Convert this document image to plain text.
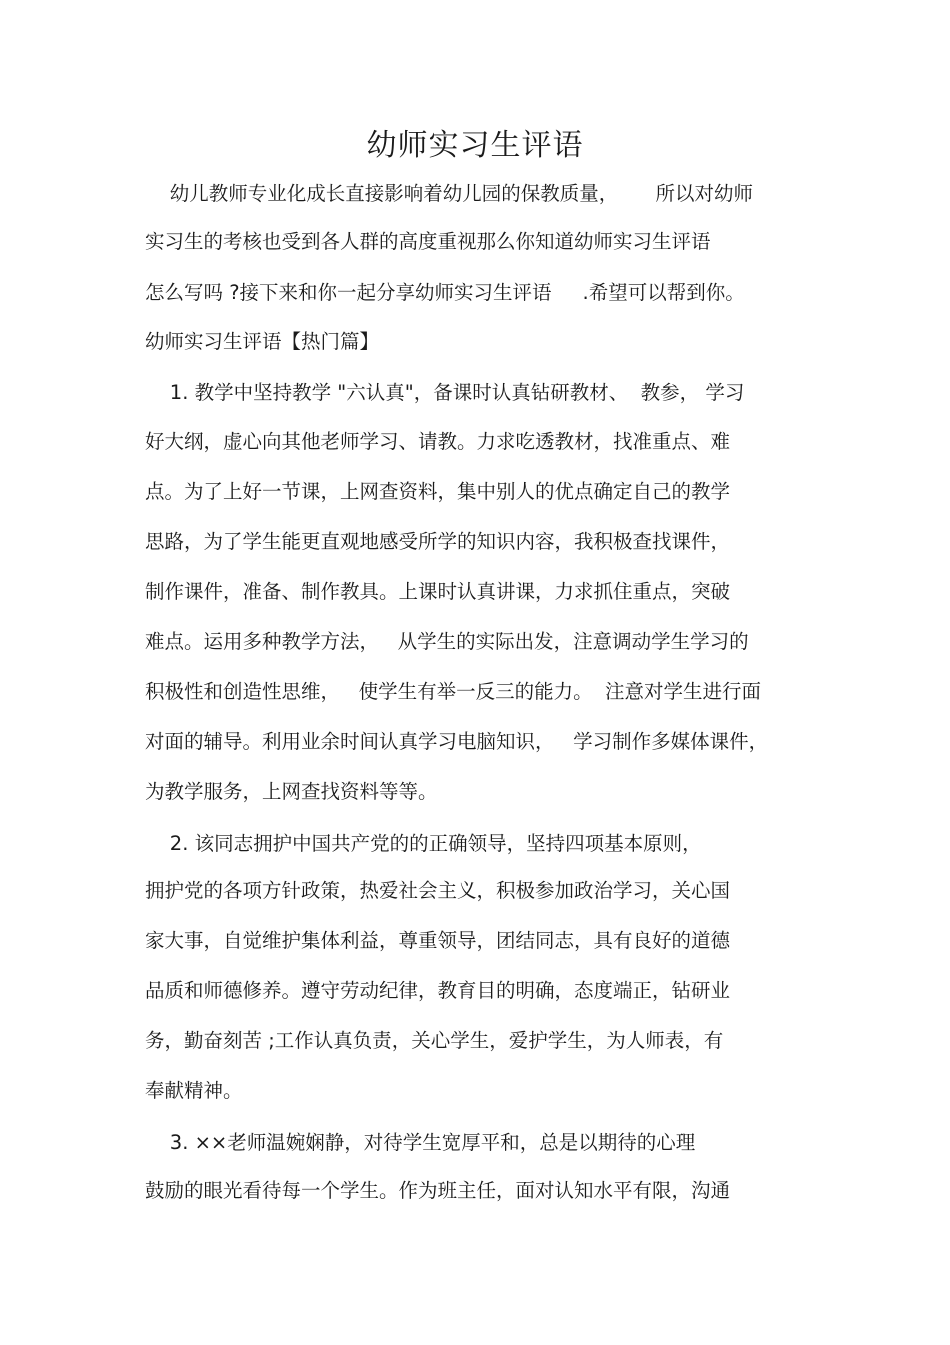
幼师实习生评语

幼儿教师专业化成长直接影响着幼儿园的保教质量，      所以对幼师

实习生的考核也受到各人群的高度重视那么你知道幼师实习生评语

怎么写吗 ?接下来和你一起分享幼师实习生评语     .希望可以帮到你。

幼师实习生评语【热门篇】

1. 教学中坚持教学 "六认真"，备课时认真钻研教材、  教参， 学习

好大纲，虚心向其他老师学习、请教。力求吃透教材，找准重点、难

点。为了上好一节课，上网查资料，集中别人的优点确定自己的教学

思路，为了学生能更直观地感受所学的知识内容，我积极查找课件，

制作课件，准备、制作教具。上课时认真讲课，力求抓住重点，突破

难点。运用多种教学方法，   从学生的实际出发，注意调动学生学习的

积极性和创造性思维，   使学生有举一反三的能力。  注意对学生进行面

对面的辅导。利用业余时间认真学习电脑知识，   学习制作多媒体课件，

为教学服务，上网查找资料等等。

2. 该同志拥护中国共产党的的正确领导，坚持四项基本原则，

拥护党的各项方针政策，热爱社会主义，积极参加政治学习，关心国

家大事，自觉维护集体利益，尊重领导，团结同志，具有良好的道德

品质和师德修养。遵守劳动纪律，教育目的明确，态度端正，钻研业

务，勤奋刻苦 ;工作认真负责，关心学生，爱护学生，为人师表，有

奉献精神。

3. ××老师温婉娴静，对待学生宽厚平和，总是以期待的心理

鼓励的眼光看待每一个学生。作为班主任，面对认知水平有限，沟通
